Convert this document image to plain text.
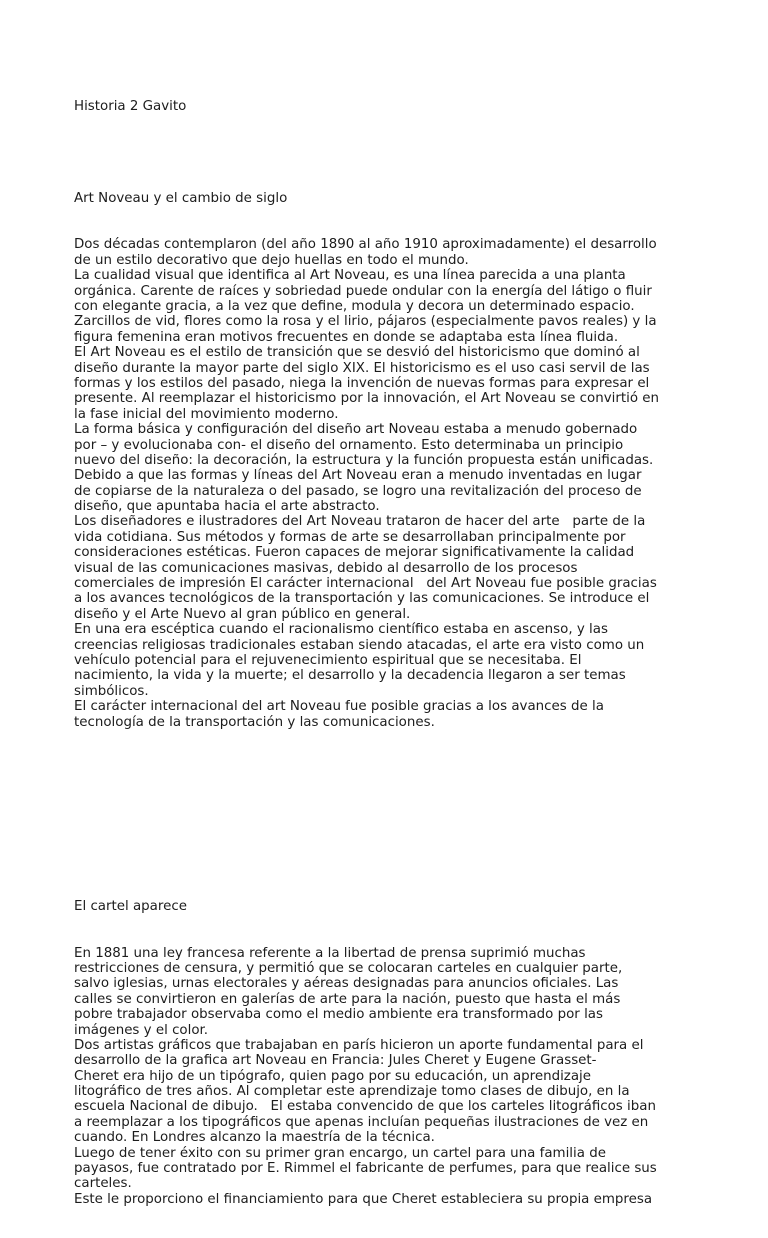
Historia 2 Gavito

Art Noveau y el cambio de siglo

Dos décadas contemplaron (del año 1890 al año 1910 aproximadamente) el desarrollo
de un estilo decorativo que dejo huellas en todo el mundo.
La cualidad visual que identifica al Art Noveau, es una línea parecida a una planta
orgánica. Carente de raíces y sobriedad puede ondular con la energía del látigo o fluir
con elegante gracia, a la vez que define, modula y decora un determinado espacio.
Zarcillos de vid, flores como la rosa y el lirio, pájaros (especialmente pavos reales) y la
figura femenina eran motivos frecuentes en donde se adaptaba esta línea fluida.
El Art Noveau es el estilo de transición que se desvió del historicismo que dominó al
diseño durante la mayor parte del siglo XIX. El historicismo es el uso casi servil de las
formas y los estilos del pasado, niega la invención de nuevas formas para expresar el
presente. Al reemplazar el historicismo por la innovación, el Art Noveau se convirtió en
la fase inicial del movimiento moderno.
La forma básica y configuración del diseño art Noveau estaba a menudo gobernado
por – y evolucionaba con- el diseño del ornamento. Esto determinaba un principio
nuevo del diseño: la decoración, la estructura y la función propuesta están unificadas.
Debido a que las formas y líneas del Art Noveau eran a menudo inventadas en lugar
de copiarse de la naturaleza o del pasado, se logro una revitalización del proceso de
diseño, que apuntaba hacia el arte abstracto.
Los diseñadores e ilustradores del Art Noveau trataron de hacer del arte   parte de la
vida cotidiana. Sus métodos y formas de arte se desarrollaban principalmente por
consideraciones estéticas. Fueron capaces de mejorar significativamente la calidad
visual de las comunicaciones masivas, debido al desarrollo de los procesos
comerciales de impresión El carácter internacional   del Art Noveau fue posible gracias
a los avances tecnológicos de la transportación y las comunicaciones. Se introduce el
diseño y el Arte Nuevo al gran público en general.
En una era escéptica cuando el racionalismo científico estaba en ascenso, y las
creencias religiosas tradicionales estaban siendo atacadas, el arte era visto como un
vehículo potencial para el rejuvenecimiento espiritual que se necesitaba. El
nacimiento, la vida y la muerte; el desarrollo y la decadencia llegaron a ser temas
simbólicos.
El carácter internacional del art Noveau fue posible gracias a los avances de la
tecnología de la transportación y las comunicaciones.

El cartel aparece

En 1881 una ley francesa referente a la libertad de prensa suprimió muchas
restricciones de censura, y permitió que se colocaran carteles en cualquier parte,
salvo iglesias, urnas electorales y aéreas designadas para anuncios oficiales. Las
calles se convirtieron en galerías de arte para la nación, puesto que hasta el más
pobre trabajador observaba como el medio ambiente era transformado por las
imágenes y el color.
Dos artistas gráficos que trabajaban en parís hicieron un aporte fundamental para el
desarrollo de la grafica art Noveau en Francia: Jules Cheret y Eugene Grasset-
Cheret era hijo de un tipógrafo, quien pago por su educación, un aprendizaje
litográfico de tres años. Al completar este aprendizaje tomo clases de dibujo, en la
escuela Nacional de dibujo.   El estaba convencido de que los carteles litográficos iban
a reemplazar a los tipográficos que apenas incluían pequeñas ilustraciones de vez en
cuando. En Londres alcanzo la maestría de la técnica.
Luego de tener éxito con su primer gran encargo, un cartel para una familia de
payasos, fue contratado por E. Rimmel el fabricante de perfumes, para que realice sus
carteles.
Este le proporciono el financiamiento para que Cheret estableciera su propia empresa
